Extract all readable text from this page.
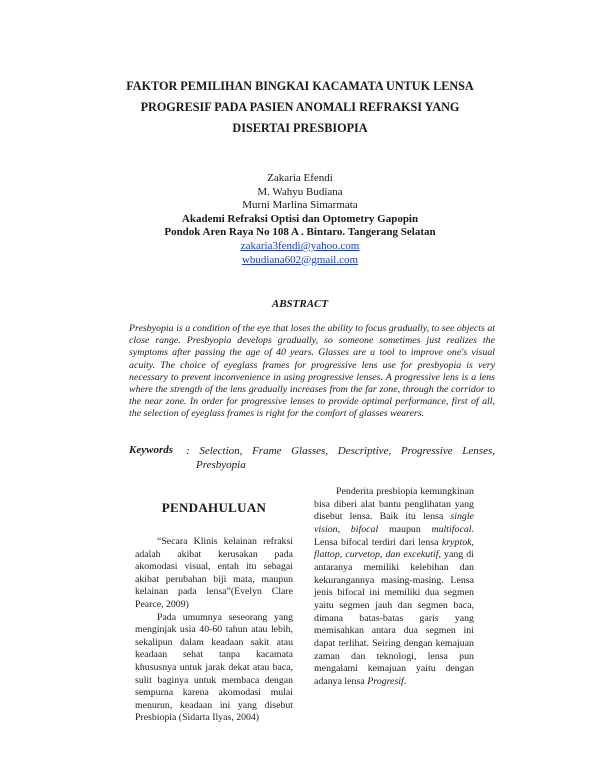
FAKTOR PEMILIHAN BINGKAI KACAMATA UNTUK LENSA
PROGRESIF PADA PASIEN ANOMALI REFRAKSI YANG
DISERTAI PRESBIOPIA
Zakaria Efendi
M. Wahyu Budiana
Murni Marlina Simarmata
Akademi Refraksi Optisi dan Optometry Gapopin
Pondok Aren Raya No 108 A . Bintaro. Tangerang Selatan
zakaria3fendi@yahoo.com
wbudiana602@gmail.com
ABSTRACT
Presbyopia is a condition of the eye that loses the ability to focus gradually, to see objects at close range. Presbyopia develops gradually, so someone sometimes just realizes the symptoms after passing the age of 40 years. Glasses are a tool to improve one's visual acuity. The choice of eyeglass frames for progressive lens use for presbyopia is very necessary to prevent inconvenience in using progressive lenses. A progressive lens is a lens where the strength of the lens gradually increases from the far zone, through the corridor to the near zone. In order for progressive lenses to provide optimal performance, first of all, the selection of eyeglass frames is right for the comfort of glasses wearers.
Keywords : Selection, Frame Glasses, Descriptive, Progressive Lenses,
Presbyopia
PENDAHULUAN

“Secara Klinis kelainan refraksi adalah akibat kerusakan pada akomodasi visual, entah itu sebagai akibat perubahan biji mata, maupun kelainan pada lensa”(Evelyn Clare Pearce, 2009)

Pada umumnya seseorang yang menginjak usia 40-60 tahun atau lebih, sekalipun dalam keadaan sakit atau keadaan sehat tanpa kacamata khususnya untuk jarak dekat atau baca, sulit baginya untuk membaca dengan sempurna karena akomodasi mulai menurun, keadaan ini yang disebut Presbiopia (Sidarta Ilyas, 2004)

Penderita presbiopia kemungkinan bisa diberi alat bantu penglihatan yang disebut lensa. Baik itu lensa single vision, bifocal maupun multifocal. Lensa bifocal terdiri dari lensa kryptok, flattop, curvetop, dan excekutif, yang di antaranya memiliki kelebihan dan kekurangannya masing-masing. Lensa jenis bifocal ini memiliki dua segmen yaitu segmen jauh dan segmen baca, dimana batas-batas garis yang memisahkan antara dua segmen ini dapat terlihat. Seiring dengan kemajuan zaman dan teknologi, lensa pun mengalami kemajuan yaitu dengan adanya lensa Progresif.
